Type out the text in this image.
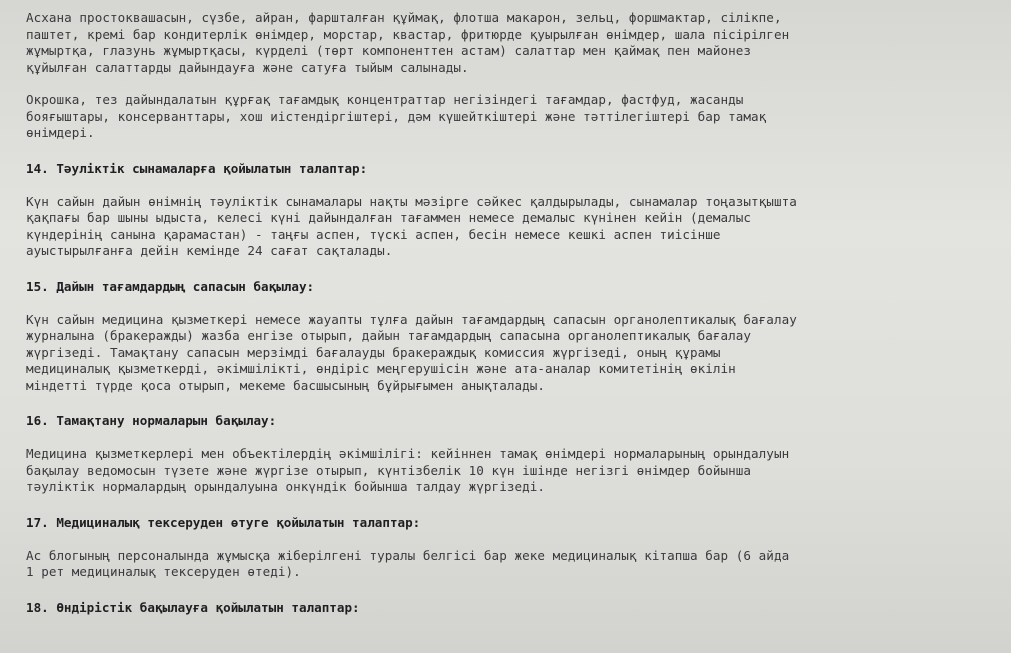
Асхана простоквашасын, сүзбе, айран, фаршталған құймақ, флотша макарон, зельц, форшмактар, сілікпе,
паштет, кремі бар кондитерлік өнімдер, морстар, квастар, фритюрде қуырылған өнімдер, шала пісірілген
жұмыртқа, глазунь жұмыртқасы, күрделі (төрт компоненттен астам) салаттар мен қаймақ пен майонез
құйылған салаттарды дайындауға және сатуға тыйым салынады.

Окрошка, тез дайындалатын құрғақ тағамдық концентраттар негізіндегі тағамдар, фастфуд, жасанды
бояғыштары, консерванттары, хош иістендіргіштері, дәм күшейткіштері және тәттілегіштері бар тамақ
өнімдері.

14. Тәуліктік сынамаларға қойылатын талаптар:

Күн сайын дайын өнімнің тәуліктік сынамалары нақты мәзірге сәйкес қалдырылады, сынамалар тоңазытқышта
қақпағы бар шыны ыдыста, келесі күні дайындалған тағаммен немесе демалыс күнінен кейін (демалыс
күндерінің санына қарамастан) - таңғы аспен, түскі аспен, бесін немесе кешкі аспен тиісінше
ауыстырылғанға дейін кемінде 24 сағат сақталады.

15. Дайын тағамдардың сапасын бақылау:

Күн сайын медицина қызметкері немесе жауапты тұлға дайын тағамдардың сапасын органолептикалық бағалау
журналына (бракеражды) жазба енгізе отырып, дайын тағамдардың сапасына органолептикалық бағалау
жүргізеді. Тамақтану сапасын мерзімді бағалауды бракераждық комиссия жүргізеді, оның құрамы
медициналық қызметкерді, әкімшілікті, өндіріс меңгерушісін және ата-аналар комитетінің өкілін
міндетті түрде қоса отырып, мекеме басшысының бұйрығымен анықталады.

16. Тамақтану нормаларын бақылау:

Медицина қызметкерлері мен объектілердің әкімшілігі: кейіннен тамақ өнімдері нормаларының орындалуын
бақылау ведомосын түзете және жүргізе отырып, күнтізбелік 10 күн ішінде негізгі өнімдер бойынша
тәуліктік нормалардың орындалуына онкүндік бойынша талдау жүргізеді.

17. Медициналық тексеруден өтуге қойылатын талаптар:

Ас блогының персоналында жұмысқа жіберілгені туралы белгісі бар жеке медициналық кітапша бар (6 айда
1 рет медициналық тексеруден өтеді).

18. Өндірістік бақылауға қойылатын талаптар:
